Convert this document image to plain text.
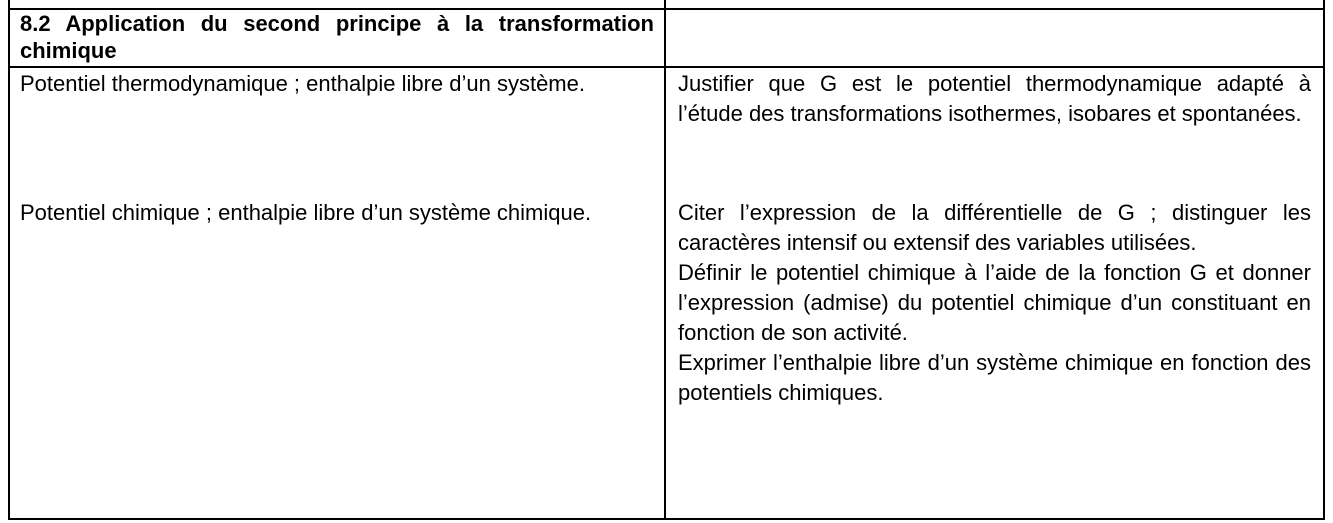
8.2 Application du second principe à la transformation chimique
Potentiel thermodynamique ; enthalpie libre d’un système.	Justifier que G est le potentiel thermodynamique adapté à l’étude des transformations isothermes, isobares et spontanées.

Potentiel chimique ; enthalpie libre d’un système chimique.	Citer l’expression de la différentielle de G ; distinguer les caractères intensif ou extensif des variables utilisées.

Définir le potentiel chimique à l’aide de la fonction G et donner l’expression (admise) du potentiel chimique d’un constituant en fonction de son activité.

Exprimer l’enthalpie libre d’un système chimique en fonction des potentiels chimiques.
